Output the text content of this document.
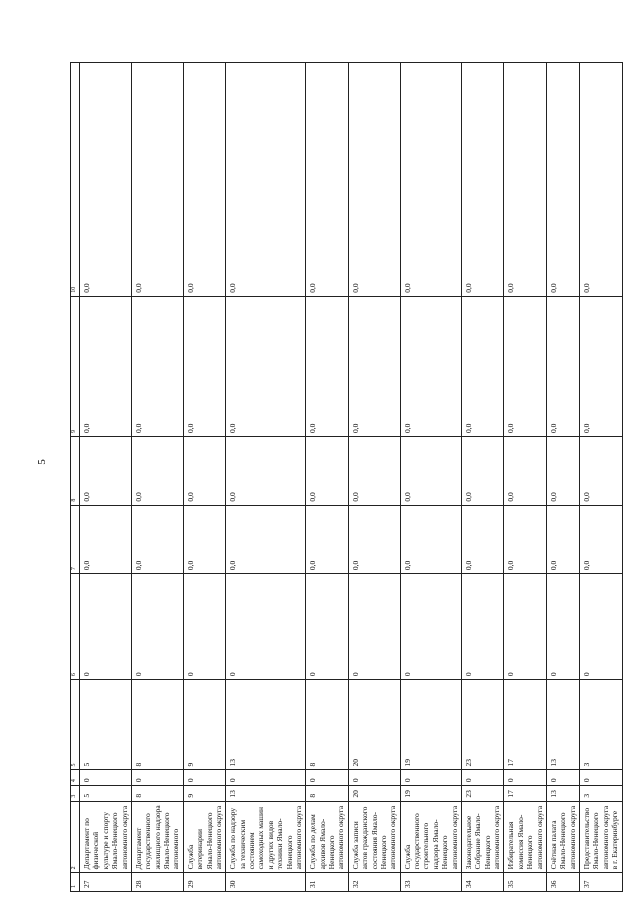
5
1	2	3	4	5	6	7	8	9	10
27	Департамент по физической культуре и спорту Ямало-Ненецкого автономного округа	5	0	5	0	0,0	0,0	0,0	0,0
28	Департамент государственного жилищного надзора Ямало-Ненецкого автономного	8	0	8	0	0,0	0,0	0,0	0,0
29	Служба ветеринарии Ямало-Ненецкого автономного округа	9	0	9	0	0,0	0,0	0,0	0,0
30	Служба по надзору за техническим состоянием самоходных машин и других видов техники Ямало-Ненецкого автономного округа	13	0	13	0	0,0	0,0	0,0	0,0
31	Служба по делам архивов Ямало-Ненецкого автономного округа	8	0	8	0	0,0	0,0	0,0	0,0
32	Служба записи актов гражданского состояния Ямало-Ненецкого автономного округа	20	0	20	0	0,0	0,0	0,0	0,0
33	Служба государственного строительного надзора Ямало-Ненецкого автономного округа	19	0	19	0	0,0	0,0	0,0	0,0
34	Законодательное Собрание Ямало-Ненецкого автономного округа	23	0	23	0	0,0	0,0	0,0	0,0
35	Избирательная комиссия Ямало-Ненецкого автономного округа	17	0	17	0	0,0	0,0	0,0	0,0
36	Счётная палата Ямало-Ненецкого автономного округа	13	0	13	0	0,0	0,0	0,0	0,0
37	Представительство Ямало-Ненецкого автономного округа в г. Екатеринбурге	3	0	3	0	0,0	0,0	0,0	0,0
